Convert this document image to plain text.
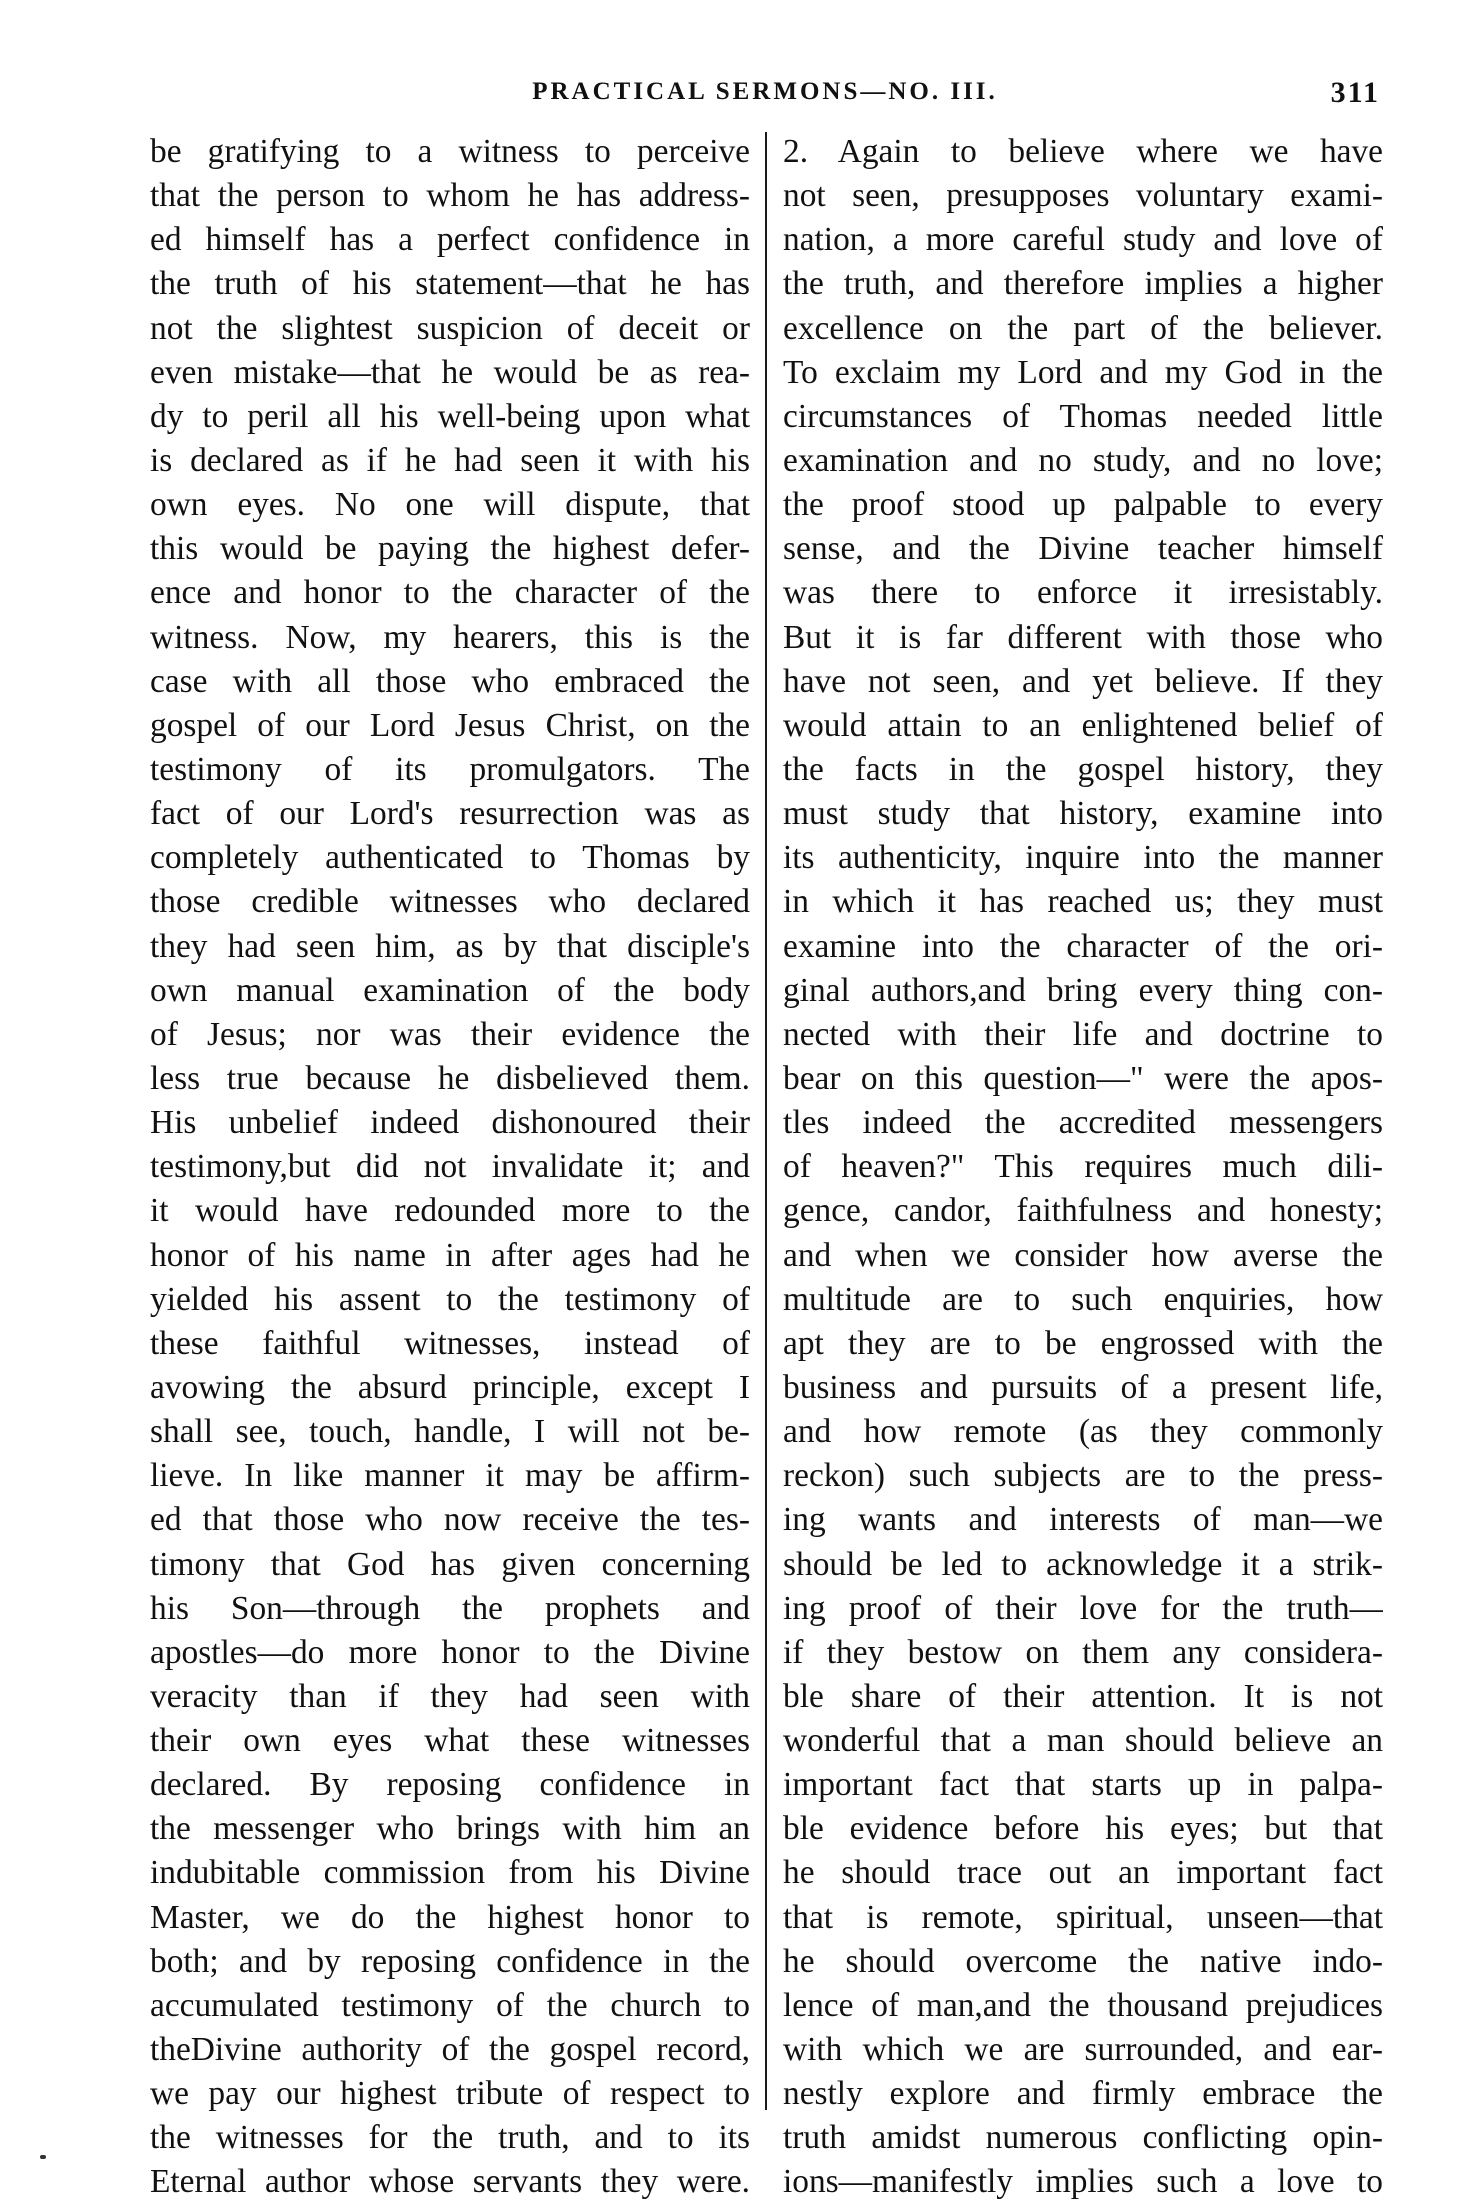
PRACTICAL SERMONS—NO. III.	311
be gratifying to a witness to perceive
that the person to whom he has address-
ed himself has a perfect confidence in
the truth of his statement—that he has
not the slightest suspicion of deceit or
even mistake—that he would be as rea-
dy to peril all his well-being upon what
is declared as if he had seen it with his
own eyes. No one will dispute, that
this would be paying the highest defer-
ence and honor to the character of the
witness. Now, my hearers, this is the
case with all those who embraced the
gospel of our Lord Jesus Christ, on the
testimony of its promulgators. The
fact of our Lord's resurrection was as
completely authenticated to Thomas by
those credible witnesses who declared
they had seen him, as by that disciple's
own manual examination of the body
of Jesus; nor was their evidence the
less true because he disbelieved them.
His unbelief indeed dishonoured their
testimony,but did not invalidate it; and
it would have redounded more to the
honor of his name in after ages had he
yielded his assent to the testimony of
these faithful witnesses, instead of
avowing the absurd principle, except I
shall see, touch, handle, I will not be-
lieve. In like manner it may be affirm-
ed that those who now receive the tes-
timony that God has given concerning
his Son—through the prophets and
apostles—do more honor to the Divine
veracity than if they had seen with
their own eyes what these witnesses
declared. By reposing confidence in
the messenger who brings with him an
indubitable commission from his Divine
Master, we do the highest honor to
both; and by reposing confidence in the
accumulated testimony of the church to
theDivine authority of the gospel record,
we pay our highest tribute of respect to
the witnesses for the truth, and to its
Eternal author whose servants they were.
2. Again to believe where we have
not seen, presupposes voluntary exami-
nation, a more careful study and love of
the truth, and therefore implies a higher
excellence on the part of the believer.
To exclaim my Lord and my God in the
circumstances of Thomas needed little
examination and no study, and no love;
the proof stood up palpable to every
sense, and the Divine teacher himself
was there to enforce it irresistably.
But it is far different with those who
have not seen, and yet believe. If they
would attain to an enlightened belief of
the facts in the gospel history, they
must study that history, examine into
its authenticity, inquire into the manner
in which it has reached us; they must
examine into the character of the ori-
ginal authors,and bring every thing con-
nected with their life and doctrine to
bear on this question—" were the apos-
tles indeed the accredited messengers
of heaven?" This requires much dili-
gence, candor, faithfulness and honesty;
and when we consider how averse the
multitude are to such enquiries, how
apt they are to be engrossed with the
business and pursuits of a present life,
and how remote (as they commonly
reckon) such subjects are to the press-
ing wants and interests of man—we
should be led to acknowledge it a strik-
ing proof of their love for the truth—
if they bestow on them any considera-
ble share of their attention. It is not
wonderful that a man should believe an
important fact that starts up in palpa-
ble evidence before his eyes; but that
he should trace out an important fact
that is remote, spiritual, unseen—that
he should overcome the native indo-
lence of man,and the thousand prejudices
with which we are surrounded, and ear-
nestly explore and firmly embrace the
truth amidst numerous conflicting opin-
ions—manifestly implies such a love to
